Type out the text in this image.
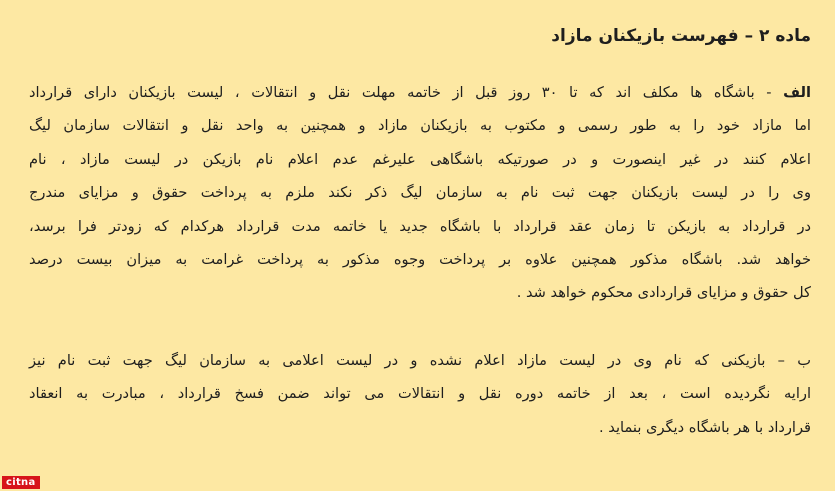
ماده ۲ – فهرست بازیکنان مازاد
الف - باشگاه ها مکلف اند که تا ۳۰ روز قبل از خاتمه مهلت نقل و انتقالات ، لیست بازیکنان دارای قرارداد
اما مازاد خود را به طور رسمی و مکتوب به بازیکنان مازاد و همچنین به واحد نقل و انتقالات سازمان لیگ
اعلام کنند در غیر اینصورت و در صورتیکه باشگاهی علیرغم عدم اعلام نام بازیکن در لیست مازاد ، نام
وی را در لیست بازیکنان جهت ثبت نام به سازمان لیگ ذکر نکند ملزم به پرداخت حقوق و مزایای مندرج
در قرارداد به بازیکن تا زمان عقد قرارداد با باشگاه جدید یا خاتمه مدت قرارداد هرکدام که زودتر فرا برسد،
خواهد شد. باشگاه مذکور همچنین علاوه بر پرداخت وجوه مذکور به پرداخت غرامت به میزان بیست درصد
کل حقوق و مزایای قراردادی محکوم خواهد شد .
ب – بازیکنی که نام وی در لیست مازاد اعلام نشده و در لیست اعلامی به سازمان لیگ جهت ثبت نام نیز
ارایه نگردیده است ، بعد از خاتمه دوره نقل و انتقالات می تواند ضمن فسخ قرارداد ، مبادرت به انعقاد
قرارداد با هر باشگاه دیگری بنماید .
citna
